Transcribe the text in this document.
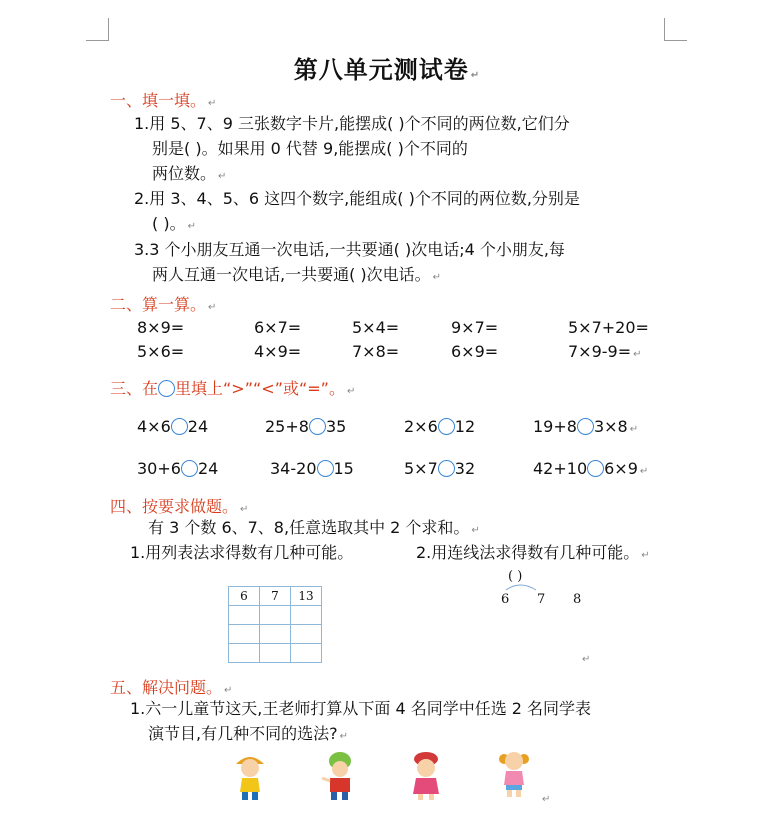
第八单元测试卷 ↵
一、填一填。 ↵
1.用 5、7、9 三张数字卡片,能摆成( )个不同的两位数,它们分
别是( )。如果用 0 代替 9,能摆成( )个不同的
两位数。 ↵
2.用 3、4、5、6 这四个数字,能组成( )个不同的两位数,分别是
( )。 ↵
3.3 个小朋友互通一次电话,一共要通( )次电话;4 个小朋友,每
两人互通一次电话,一共要通( )次电话。 ↵
二、算一算。 ↵
8×9=	6×7=	5×4=	9×7=	5×7+20=
5×6=	4×9=	7×8=	6×9=	7×9-9= ↵
三、在 里填上“>”“<”或“=”。 ↵
4×6 24	25+8 35	2×6 12	19+8 3×8 ↵
30+6 24	34-20 15	5×7 32	42+10 6×9 ↵
四、按要求做题。 ↵
有 3 个数 6、7、8,任意选取其中 2 个求和。 ↵
1.用列表法求得数有几种可能。	2.用连线法求得数有几种可能。 ↵
6	7	13

( )
6 7 8
↵
五、解决问题。 ↵
1.六一儿童节这天,王老师打算从下面 4 名同学中任选 2 名同学表
演节目,有几种不同的选法? ↵
↵
